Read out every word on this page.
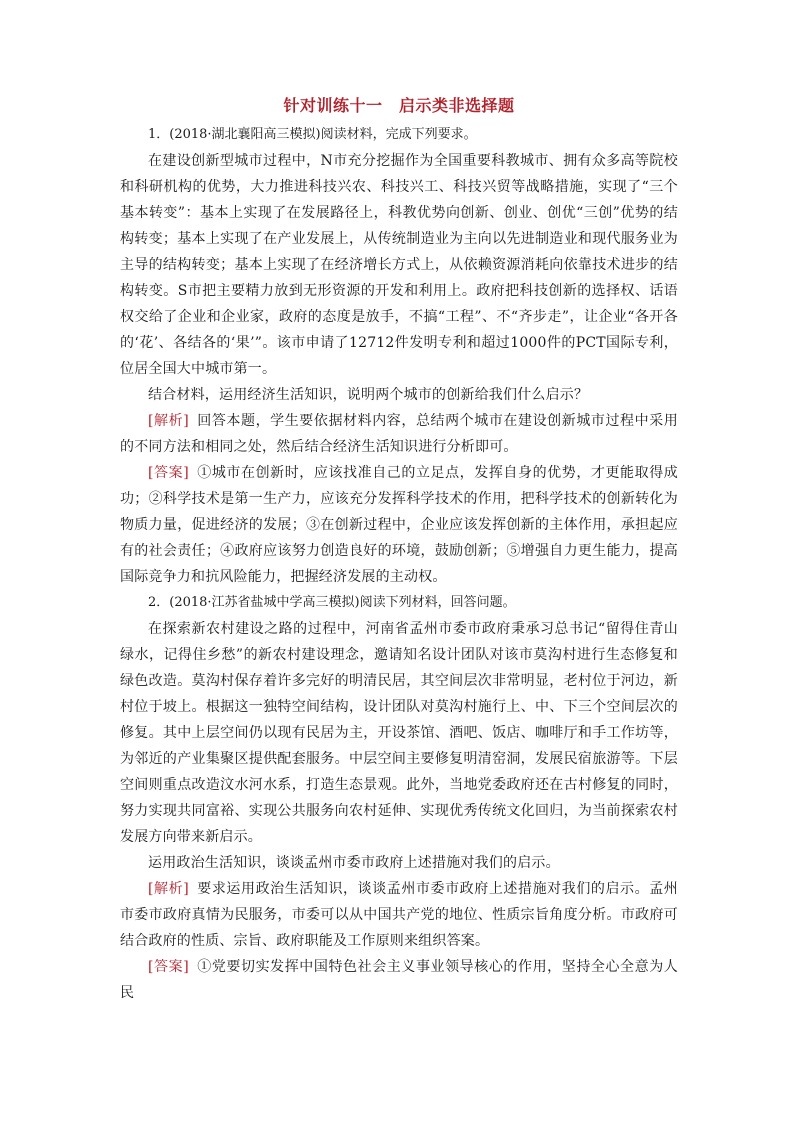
针对训练十一　启示类非选择题

1．(2018·湖北襄阳高三模拟)阅读材料，完成下列要求。

在建设创新型城市过程中，N市充分挖掘作为全国重要科教城市、拥有众多高等院校和科研机构的优势，大力推进科技兴农、科技兴工、科技兴贸等战略措施，实现了“三个基本转变”：基本上实现了在发展路径上，科教优势向创新、创业、创优“三创”优势的结构转变；基本上实现了在产业发展上，从传统制造业为主向以先进制造业和现代服务业为主导的结构转变；基本上实现了在经济增长方式上，从依赖资源消耗向依靠技术进步的结构转变。S市把主要精力放到无形资源的开发和利用上。政府把科技创新的选择权、话语权交给了企业和企业家，政府的态度是放手，不搞“工程”、不“齐步走”，让企业“各开各的‘花’、各结各的‘果’”。该市申请了12712件发明专利和超过1000件的PCT国际专利，位居全国大中城市第一。

结合材料，运用经济生活知识，说明两个城市的创新给我们什么启示？

[解析] 回答本题，学生要依据材料内容，总结两个城市在建设创新城市过程中采用的不同方法和相同之处，然后结合经济生活知识进行分析即可。

[答案] ①城市在创新时，应该找准自己的立足点，发挥自身的优势，才更能取得成功；②科学技术是第一生产力，应该充分发挥科学技术的作用，把科学技术的创新转化为物质力量，促进经济的发展；③在创新过程中，企业应该发挥创新的主体作用，承担起应有的社会责任；④政府应该努力创造良好的环境，鼓励创新；⑤增强自力更生能力，提高国际竞争力和抗风险能力，把握经济发展的主动权。

2．(2018·江苏省盐城中学高三模拟)阅读下列材料，回答问题。

在探索新农村建设之路的过程中，河南省孟州市委市政府秉承习总书记“留得住青山绿水，记得住乡愁”的新农村建设理念，邀请知名设计团队对该市莫沟村进行生态修复和绿色改造。莫沟村保存着许多完好的明清民居，其空间层次非常明显，老村位于河边，新村位于坡上。根据这一独特空间结构，设计团队对莫沟村施行上、中、下三个空间层次的修复。其中上层空间仍以现有民居为主，开设茶馆、酒吧、饭店、咖啡厅和手工作坊等，为邻近的产业集聚区提供配套服务。中层空间主要修复明清窑洞，发展民宿旅游等。下层空间则重点改造汶水河水系，打造生态景观。此外，当地党委政府还在古村修复的同时，努力实现共同富裕、实现公共服务向农村延伸、实现优秀传统文化回归，为当前探索农村发展方向带来新启示。

运用政治生活知识，谈谈孟州市委市政府上述措施对我们的启示。

[解析] 要求运用政治生活知识，谈谈孟州市委市政府上述措施对我们的启示。孟州市委市政府真情为民服务，市委可以从中国共产党的地位、性质宗旨角度分析。市政府可结合政府的性质、宗旨、政府职能及工作原则来组织答案。

[答案] ①党要切实发挥中国特色社会主义事业领导核心的作用，坚持全心全意为人民
